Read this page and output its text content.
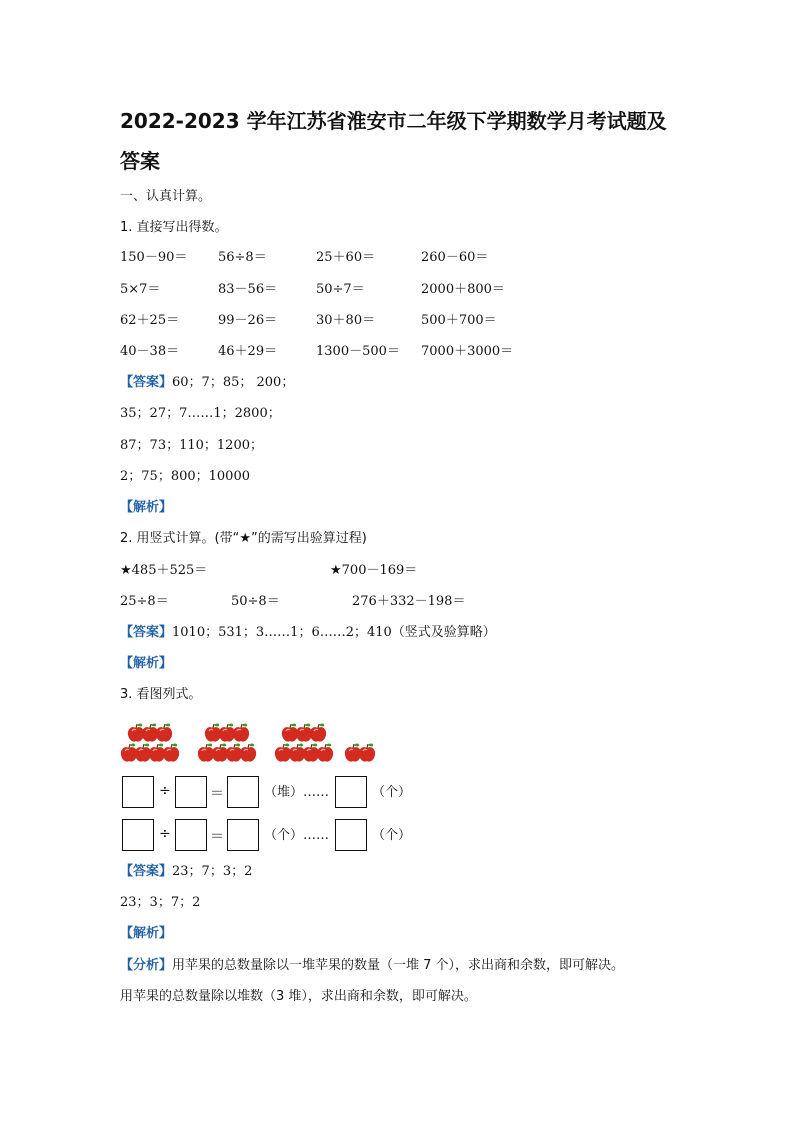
2022-2023 学年江苏省淮安市二年级下学期数学月考试题及
答案
一、认真计算。
1. 直接写出得数。
150－90＝ 56÷8＝	25＋60＝	260－60＝
5×7＝	83－56＝	50÷7＝	2000＋800＝
62＋25＝	99－26＝	30＋80＝	500＋700＝
40－38＝	46＋29＝	1300－500＝ 7000＋3000＝
【答案】60；7；85； 200；
35；27；7……1；2800；
87；73；110；1200；
2；75；800；10000
【解析】
2. 用竖式计算。(带“★”的需写出验算过程)
★485＋525＝	★700－169＝
25÷8＝	50÷8＝	276＋332－198＝
【答案】1010；531；3……1；6……2；410（竖式及验算略）
【解析】
3. 看图列式。
÷	＝	（堆）……	（个）
÷	＝	（个）……	（个）
【答案】23；7；3；2
23；3；7；2
【解析】
【分析】用苹果的总数量除以一堆苹果的数量（一堆 7 个），求出商和余数，即可解决。
用苹果的总数量除以堆数（3 堆），求出商和余数，即可解决。
